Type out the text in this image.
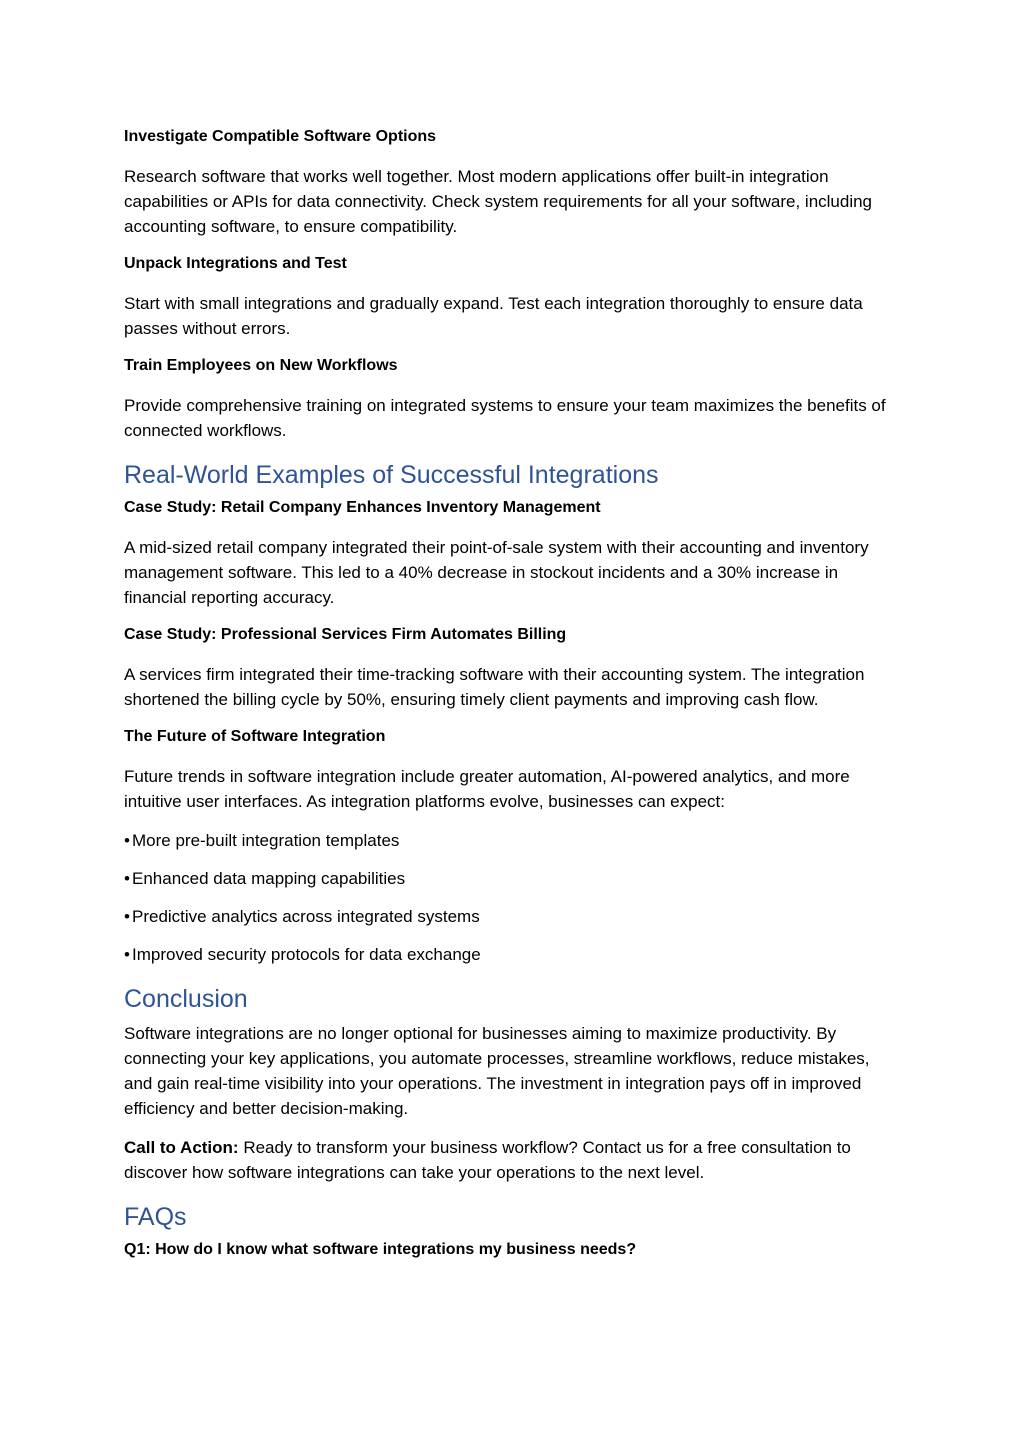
Investigate Compatible Software Options

Research software that works well together. Most modern applications offer built-in integration capabilities or APIs for data connectivity. Check system requirements for all your software, including accounting software, to ensure compatibility.

Unpack Integrations and Test

Start with small integrations and gradually expand. Test each integration thoroughly to ensure data passes without errors.

Train Employees on New Workflows

Provide comprehensive training on integrated systems to ensure your team maximizes the benefits of connected workflows.

Real-World Examples of Successful Integrations

Case Study: Retail Company Enhances Inventory Management

A mid-sized retail company integrated their point-of-sale system with their accounting and inventory management software. This led to a 40% decrease in stockout incidents and a 30% increase in financial reporting accuracy.

Case Study: Professional Services Firm Automates Billing

A services firm integrated their time-tracking software with their accounting system. The integration shortened the billing cycle by 50%, ensuring timely client payments and improving cash flow.

The Future of Software Integration

Future trends in software integration include greater automation, AI-powered analytics, and more intuitive user interfaces. As integration platforms evolve, businesses can expect:

• More pre-built integration templates
• Enhanced data mapping capabilities
• Predictive analytics across integrated systems
• Improved security protocols for data exchange
Conclusion

Software integrations are no longer optional for businesses aiming to maximize productivity. By connecting your key applications, you automate processes, streamline workflows, reduce mistakes, and gain real-time visibility into your operations. The investment in integration pays off in improved efficiency and better decision-making.

Call to Action: Ready to transform your business workflow? Contact us for a free consultation to discover how software integrations can take your operations to the next level.

FAQs

Q1: How do I know what software integrations my business needs?
